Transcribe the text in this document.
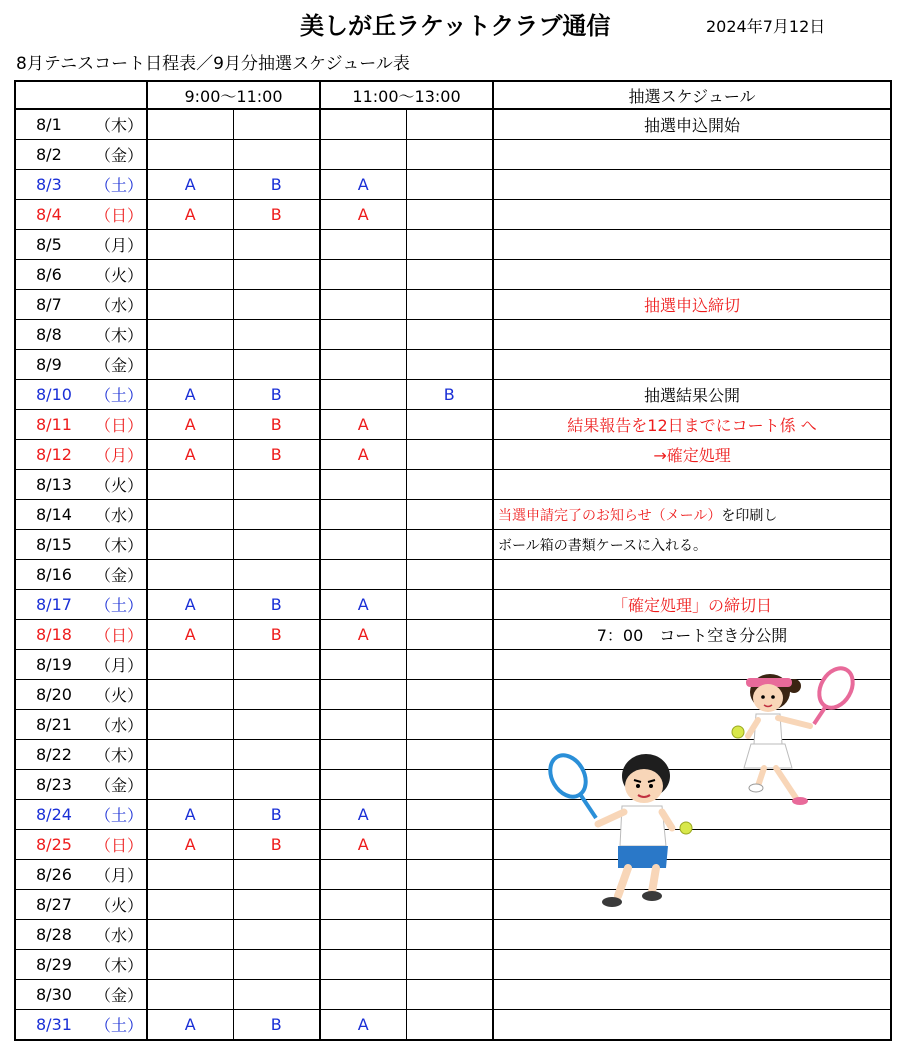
美しが丘ラケットクラブ通信	2024年7月12日
8月テニスコート日程表／9月分抽選スケジュール表
		9:00〜11:00		11:00〜13:00		抽選スケジュール
8/1	（木）					抽選申込開始
8/2	（金）					
8/3	（土）	A	B	A		
8/4	（日）	A	B	A		
8/5	（月）					
8/6	（火）					
8/7	（水）					抽選申込締切
8/8	（木）					
8/9	（金）					
8/10	（土）	A	B		B	抽選結果公開
8/11	（日）	A	B	A		結果報告を12日までにコート係 へ
8/12	（月）	A	B	A		→確定処理
8/13	（火）					
8/14	（水）					当選申請完了のお知らせ（メール）を印刷し
8/15	（木）					ボール箱の書類ケースに入れる。
8/16	（金）					
8/17	（土）	A	B	A		「確定処理」の締切日
8/18	（日）	A	B	A		7：00　コート空き分公開
8/19	（月）					
8/20	（火）					
8/21	（水）					
8/22	（木）					
8/23	（金）					
8/24	（土）	A	B	A		
8/25	（日）	A	B	A		
8/26	（月）					
8/27	（火）					
8/28	（水）					
8/29	（木）					
8/30	（金）					
8/31	（土）	A	B	A		
